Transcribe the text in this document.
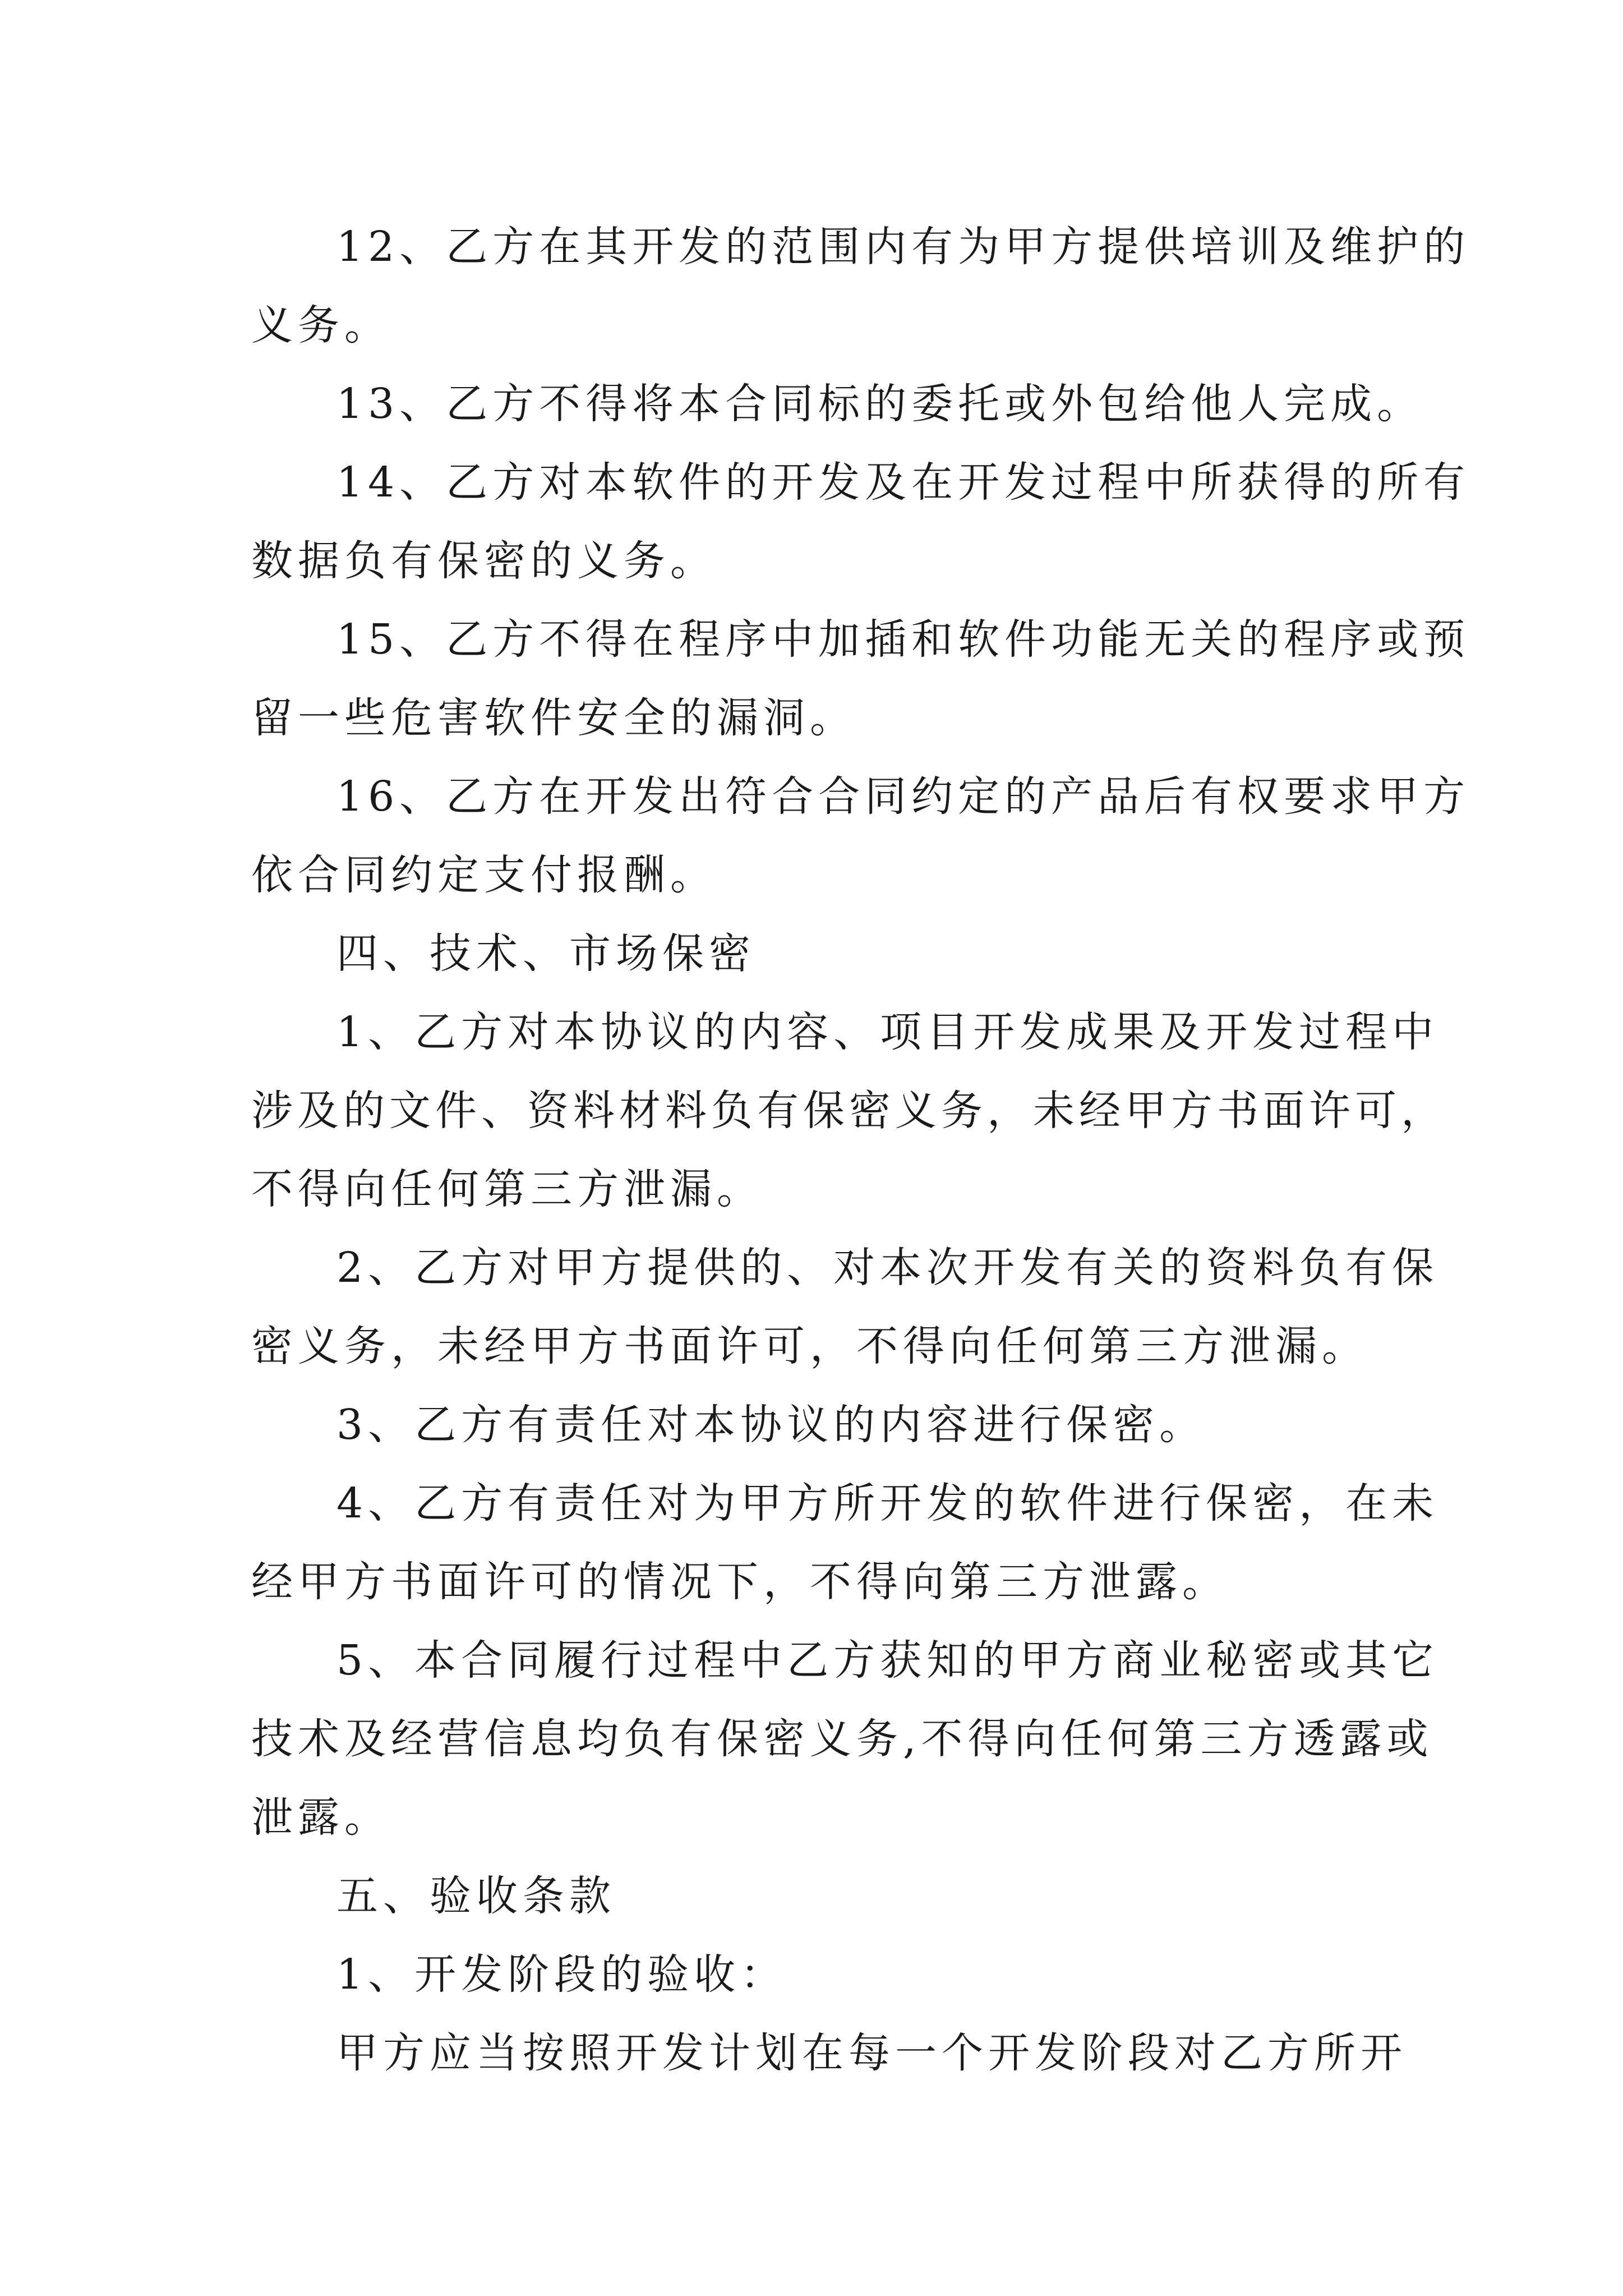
12、乙方在其开发的范围内有为甲方提供培训及维护的
义务。
13、乙方不得将本合同标的委托或外包给他人完成。
14、乙方对本软件的开发及在开发过程中所获得的所有
数据负有保密的义务。
15、乙方不得在程序中加插和软件功能无关的程序或预
留一些危害软件安全的漏洞。
16、乙方在开发出符合合同约定的产品后有权要求甲方
依合同约定支付报酬。
四、技术、市场保密
1、乙方对本协议的内容、项目开发成果及开发过程中
涉及的文件、资料材料负有保密义务，未经甲方书面许可，
不得向任何第三方泄漏。
2、乙方对甲方提供的、对本次开发有关的资料负有保
密义务，未经甲方书面许可，不得向任何第三方泄漏。
3、乙方有责任对本协议的内容进行保密。
4、乙方有责任对为甲方所开发的软件进行保密，在未
经甲方书面许可的情况下，不得向第三方泄露。
5、本合同履行过程中乙方获知的甲方商业秘密或其它
技术及经营信息均负有保密义务,不得向任何第三方透露或
泄露。
五、验收条款
1、开发阶段的验收：
甲方应当按照开发计划在每一个开发阶段对乙方所开
